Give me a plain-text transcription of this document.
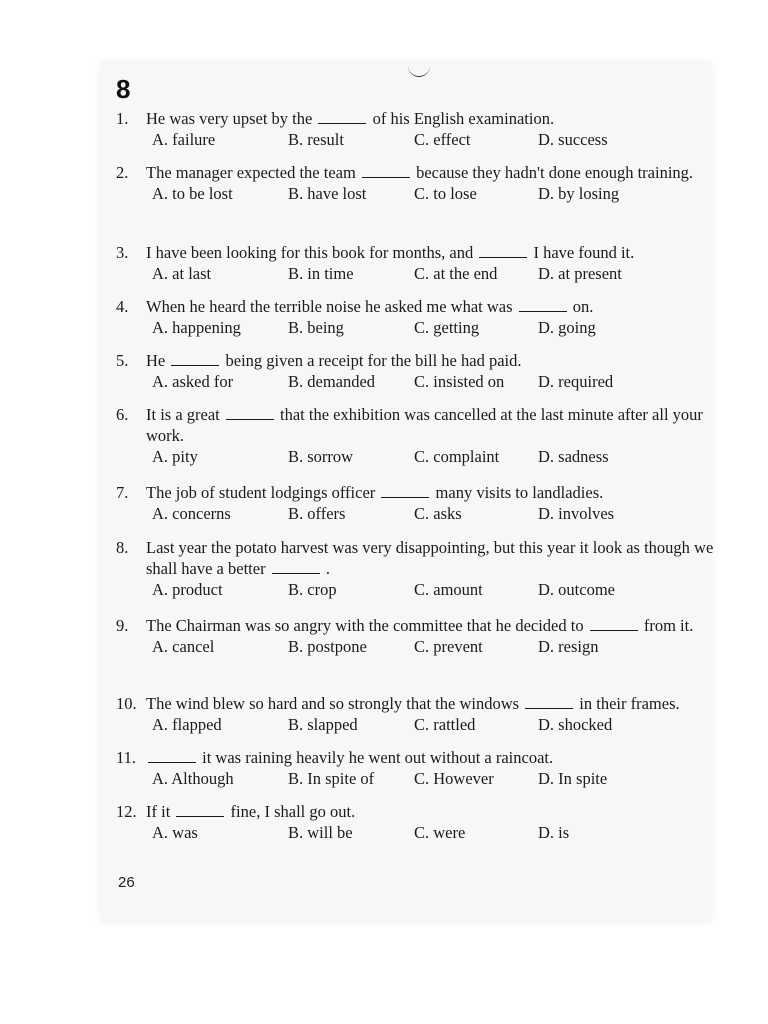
8
1. He was very upset by the	of his English examination.
A. failure	B. result	C. effect	D. success
2. The manager expected the team	because they hadn't done enough training.
A. to be lost	B. have lost	C. to lose	D. by losing
3. I have been looking for this book for months, and	I have found it.
A. at last	B. in time	C. at the end D. at present
4. When he heard the terrible noise he asked me what was	on.
A. happening	B. being	C. getting	D. going
5. He	being given a receipt for the bill he had paid.
A. asked for	B. demanded C. insisted on D. required
6. It is a great	that the exhibition was cancelled at the last minute after all your work.
A. pity	B. sorrow	C. complaint D. sadness
7. The job of student lodgings officer	many visits to landladies.
A. concerns	B. offers	C. asks	D. involves
8. Last year the potato harvest was very disappointing, but this year it look as though we shall have a better	.
A. product	B. crop	C. amount	D. outcome
9. The Chairman was so angry with the committee that he decided to	from it.
A. cancel	B. postpone	C. prevent	D. resign
10. The wind blew so hard and so strongly that the windows	in their frames.
A. flapped	B. slapped	C. rattled	D. shocked
11.	it was raining heavily he went out without a raincoat.
A. Although	B. In spite of C. However	D. In spite
12. If it	fine, I shall go out.
A. was	B. will be	C. were	D. is
26
